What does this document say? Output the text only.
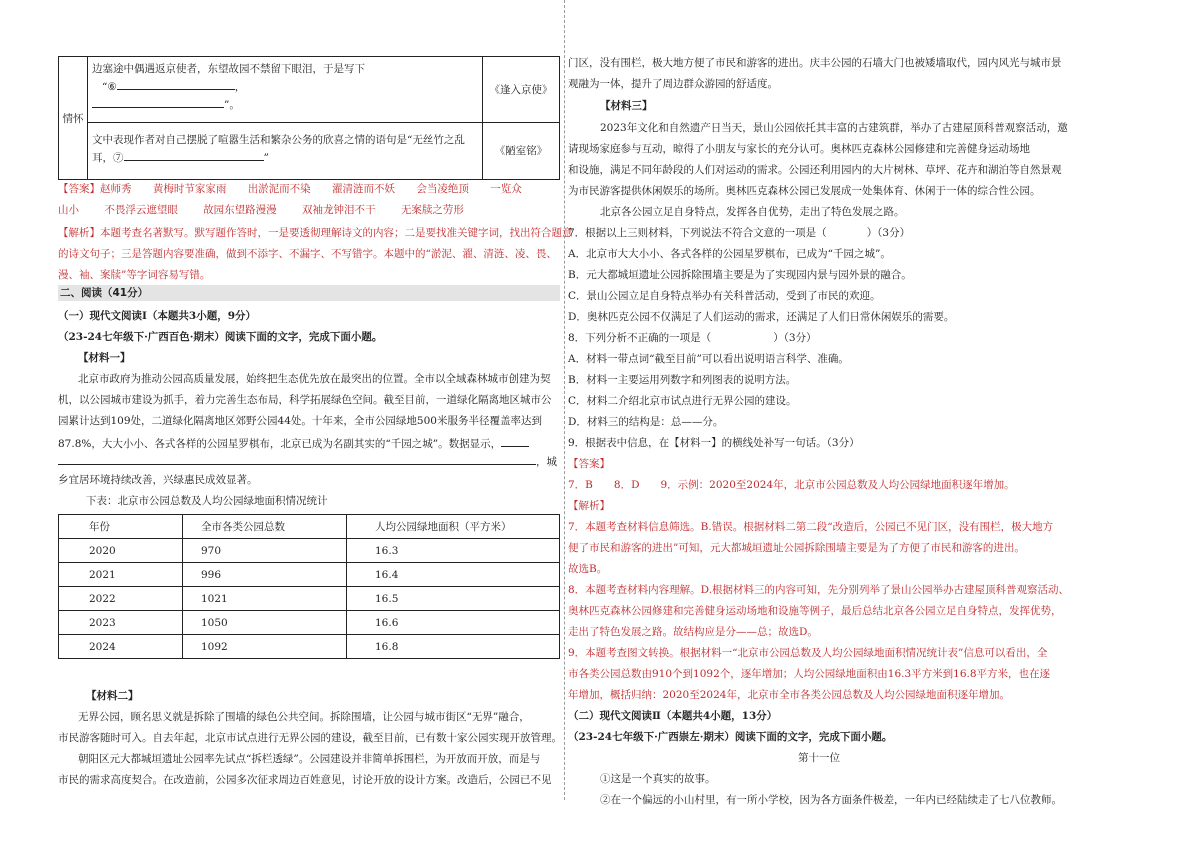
情怀	边塞途中偶遇返京使者，东望故园不禁留下眼泪，于是写下
“⑥ ，
”。	《逢入京使》

	文中表现作者对自己摆脱了喧嚣生活和繁杂公务的欣喜之情的语句是“无丝竹之乱
耳，⑦ ”	《陋室铭》
【答案】赵师秀 黄梅时节家家雨 出淤泥而不染 濯清涟而不妖 会当凌绝顶 一览众
山小 不畏浮云遮望眼 故园东望路漫漫 双袖龙钟泪不干 无案牍之劳形
【解析】本题考查名著默写。默写题作答时，一是要透彻理解诗文的内容；二是要找准关键字词，找出符合题意
的诗文句子；三是答题内容要准确，做到不添字、不漏字、不写错字。本题中的“淤泥、濯、清涟、凌、畏、
漫、袖、案牍”等字词容易写错。
二、阅读（41分）
（一）现代文阅读Ⅰ（本题共3小题，9分）
（23-24七年级下·广西百色·期末）阅读下面的文字，完成下面小题。
【材料一】
北京市政府为推动公园高质量发展，始终把生态优先放在最突出的位置。全市以全域森林城市创建为契
机，以公园城市建设为抓手，着力完善生态布局，科学拓展绿色空间。截至目前，一道绿化隔离地区城市公
园累计达到109处，二道绿化隔离地区郊野公园44处。十年来，全市公园绿地500米服务半径覆盖率达到
87.8%，大大小小、各式各样的公园星罗棋布，北京已成为名副其实的“千园之城”。数据显示，
，城
乡宜居环境持续改善，兴绿惠民成效显著。
下表：北京市公园总数及人均公园绿地面积情况统计
年份	全市各类公园总数	人均公园绿地面积（平方米）
2020	970	16.3
2021	996	16.4
2022	1021	16.5
2023	1050	16.6
2024	1092	16.8
【材料二】
无界公园，顾名思义就是拆除了围墙的绿色公共空间。拆除围墙，让公园与城市街区“无界”融合，
市民游客随时可入。自去年起，北京市试点进行无界公园的建设，截至目前，已有数十家公园实现开放管理。
朝阳区元大都城垣遗址公园率先试点“拆栏透绿”。公园建设并非简单拆围栏，为开放而开放，而是与
市民的需求高度契合。在改造前，公园多次征求周边百姓意见，讨论开放的设计方案。改造后，公园已不见
门区，没有围栏，极大地方便了市民和游客的进出。庆丰公园的石墙大门也被矮墙取代，园内风光与城市景
观融为一体，提升了周边群众游园的舒适度。
【材料三】
2023年文化和自然遗产日当天，景山公园依托其丰富的古建筑群，举办了古建屋顶科普观察活动，邀
请现场家庭参与互动，晾得了小朋友与家长的充分认可。奥林匹克森林公园修建和完善健身运动场地
和设施，满足不同年龄段的人们对运动的需求。公园还利用园内的大片树林、草坪、花卉和湖泊等自然景观
为市民游客提供休闲娱乐的场所。奥林匹克森林公园已发展成一处集体育、休闲于一体的综合性公园。
北京各公园立足自身特点，发挥各自优势，走出了特色发展之路。
7．根据以上三则材料，下列说法不符合文意的一项是（	）（3分）
A．北京市大大小小、各式各样的公园星罗棋布，已成为“千园之城”。
B．元大都城垣遗址公园拆除围墙主要是为了实现园内景与园外景的融合。
C．景山公园立足自身特点举办有关科普活动，受到了市民的欢迎。
D．奥林匹克公园不仅满足了人们运动的需求，还满足了人们日常休闲娱乐的需要。
8．下列分析不正确的一项是（	）（3分）
A．材料一带点词“截至目前”可以看出说明语言科学、准确。
B．材料一主要运用列数字和列图表的说明方法。
C．材料二介绍北京市试点进行无界公园的建设。
D．材料三的结构是：总——分。
9．根据表中信息，在【材料一】的横线处补写一句话。（3分）
【答案】
7．B　　8．D　　9．示例：2020至2024年，北京市公园总数及人均公园绿地面积逐年增加。
【解析】
7．本题考查材料信息筛选。B.错误。根据材料二第二段“改造后，公园已不见门区，没有围栏，极大地方
便了市民和游客的进出”可知，元大都城垣遗址公园拆除围墙主要是为了方便了市民和游客的进出。
故选B。
8．本题考查材料内容理解。D.根据材料三的内容可知，先分别列举了景山公园举办古建屋顶科普观察活动、
奥林匹克森林公园修建和完善健身运动场地和设施等例子，最后总结北京各公园立足自身特点，发挥优势，
走出了特色发展之路。故结构应是分——总；故选D。
9．本题考查图文转换。根据材料一“北京市公园总数及人均公园绿地面积情况统计表”信息可以看出，全
市各类公园总数由910个到1092个，逐年增加；人均公园绿地面积由16.3平方米到16.8平方米，也在逐
年增加，概括归纳：2020至2024年，北京市全市各类公园总数及人均公园绿地面积逐年增加。
（二）现代文阅读Ⅱ（本题共4小题，13分）
（23-24七年级下·广西崇左·期末）阅读下面的文字，完成下面小题。
第十一位
①这是一个真实的故事。
②在一个偏远的小山村里，有一所小学校，因为各方面条件极差，一年内已经陆续走了七八位教师。
